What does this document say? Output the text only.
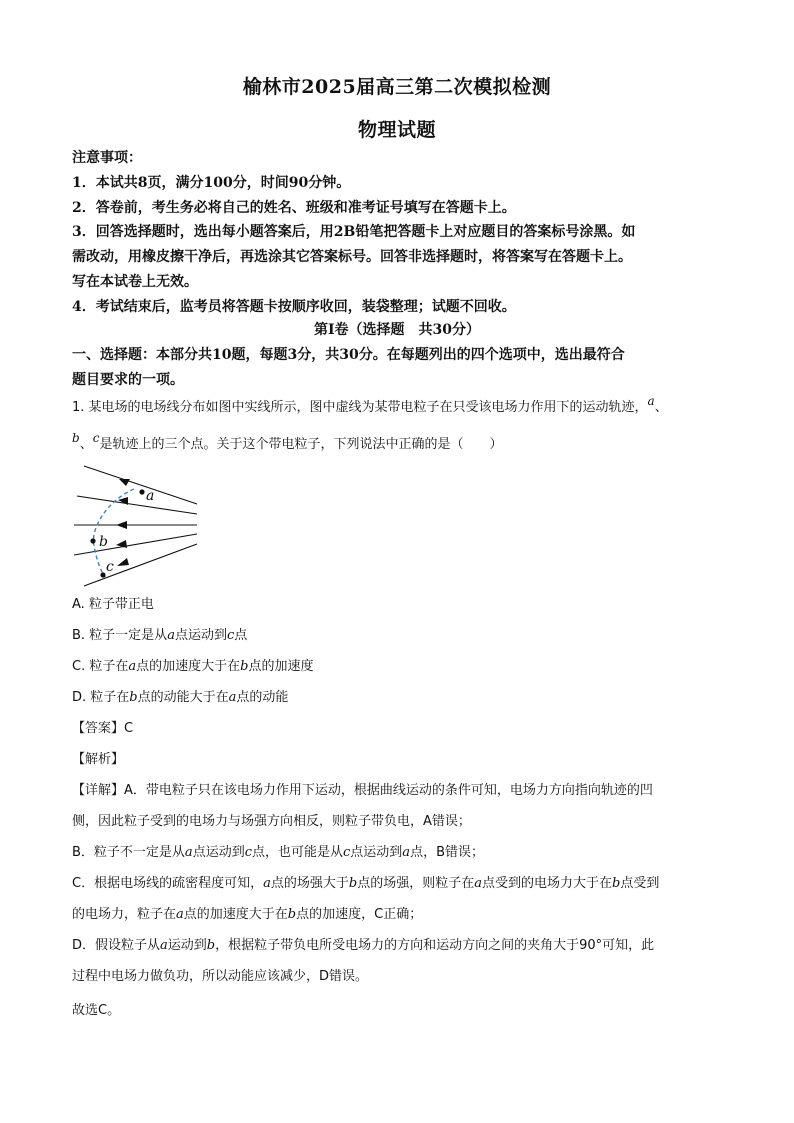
榆林市2025届高三第二次模拟检测
物理试题
注意事项：
1．本试共8页，满分100分，时间90分钟。
2．答卷前，考生务必将自己的姓名、班级和准考证号填写在答题卡上。
3．回答选择题时，选出每小题答案后，用2B铅笔把答题卡上对应题目的答案标号涂黑。如
需改动，用橡皮擦干净后，再选涂其它答案标号。回答非选择题时，将答案写在答题卡上。
写在本试卷上无效。
4．考试结束后，监考员将答题卡按顺序收回，装袋整理；试题不回收。
第Ⅰ卷（选择题　共30分）
一、选择题：本部分共10题，每题3分，共30分。在每题列出的四个选项中，选出最符合
题目要求的一项。
1. 某电场的电场线分布如图中实线所示，图中虚线为某带电粒子在只受该电场力作用下的运动轨迹，a、
b、c是轨迹上的三个点。关于这个带电粒子，下列说法中正确的是（　　）
a
b
c
A. 粒子带正电
B. 粒子一定是从a点运动到c点
C. 粒子在a点的加速度大于在b点的加速度
D. 粒子在b点的动能大于在a点的动能
【答案】C
【解析】
【详解】A．带电粒子只在该电场力作用下运动，根据曲线运动的条件可知，电场力方向指向轨迹的凹
侧，因此粒子受到的电场力与场强方向相反，则粒子带负电，A错误；
B．粒子不一定是从a点运动到c点，也可能是从c点运动到a点，B错误；
C．根据电场线的疏密程度可知，a点的场强大于b点的场强，则粒子在a点受到的电场力大于在b点受到
的电场力，粒子在a点的加速度大于在b点的加速度，C正确；
D．假设粒子从a运动到b，根据粒子带负电所受电场力的方向和运动方向之间的夹角大于90°可知，此
过程中电场力做负功，所以动能应该减少，D错误。
故选C。
